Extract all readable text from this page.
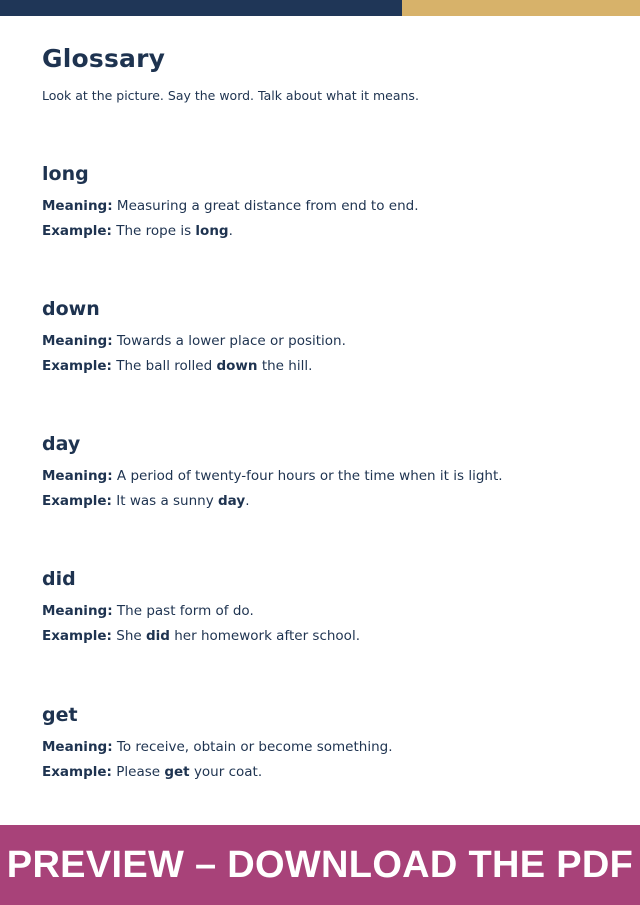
Glossary

Look at the picture. Say the word. Talk about what it means.

long

Meaning: Measuring a great distance from end to end.

Example: The rope is long.

down

Meaning: Towards a lower place or position.

Example: The ball rolled down the hill.

day

Meaning: A period of twenty-four hours or the time when it is light.

Example: It was a sunny day.

did

Meaning: The past form of do.

Example: She did her homework after school.

get

Meaning: To receive, obtain or become something.

Example: Please get your coat.

PREVIEW – DOWNLOAD THE PDF
